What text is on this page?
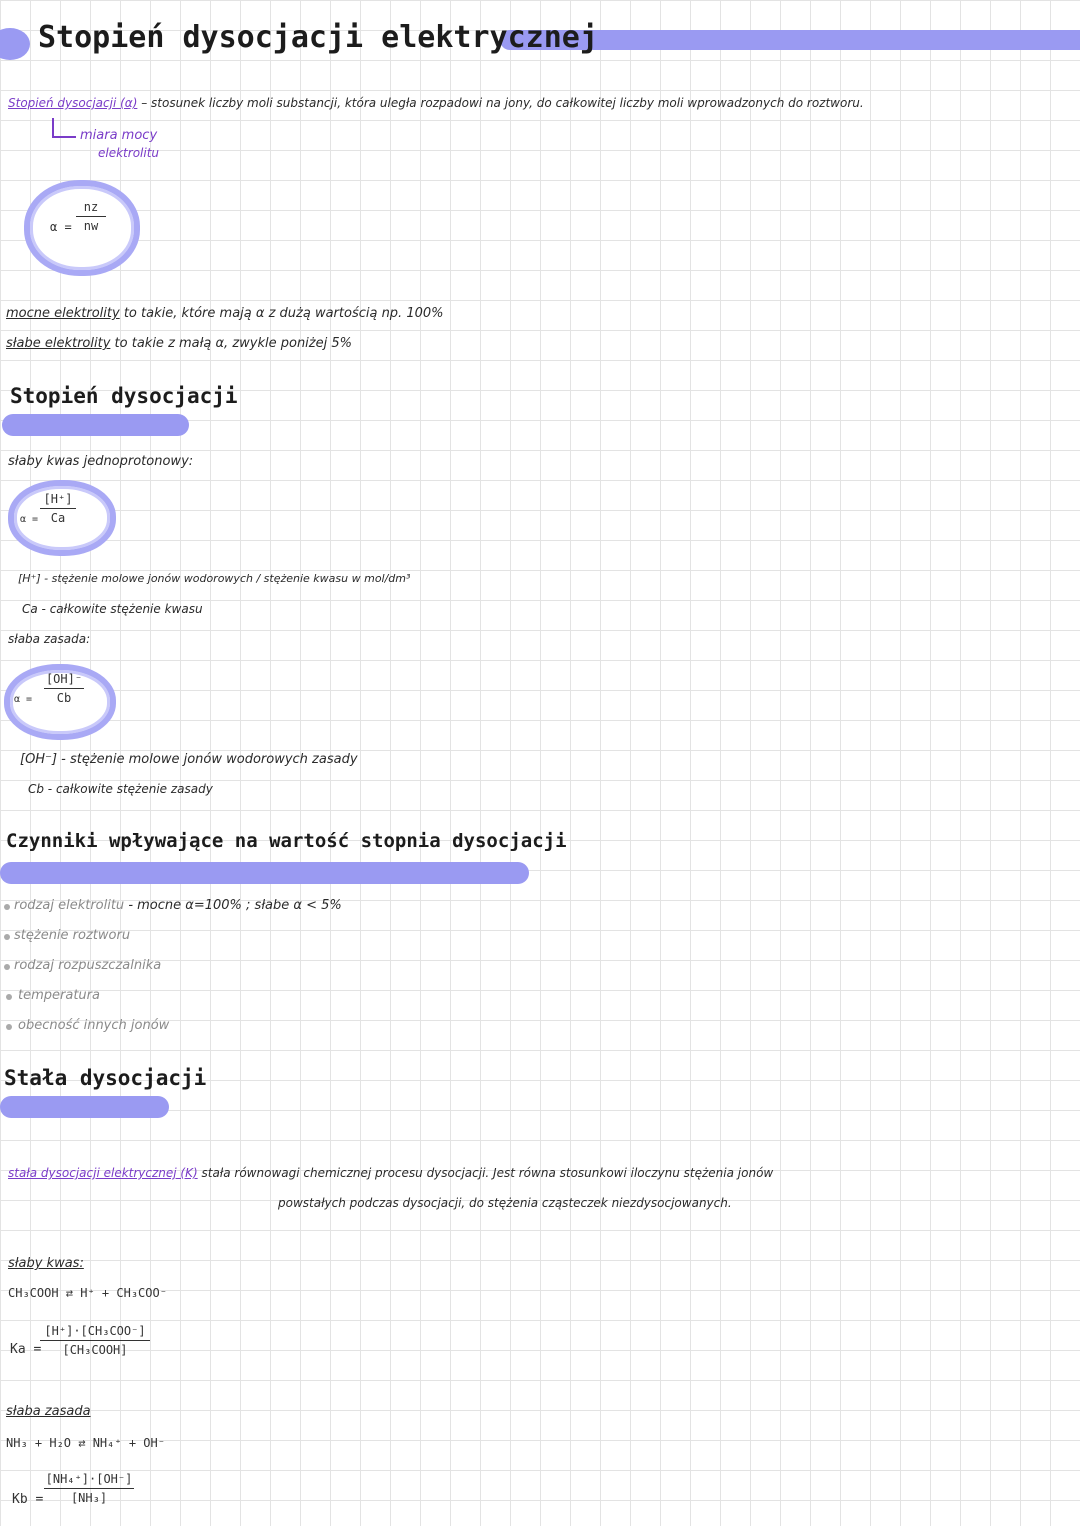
Stopień dysocjacji elektrycznej
Stopień dysocjacji (α) – stosunek liczby moli substancji, która uległa rozpadowi na jony, do całkowitej liczby moli wprowadzonych do roztworu.
miara mocy
elektrolitu
α =
nz
nw
mocne elektrolity to takie, które mają α z dużą wartością np. 100%
słabe elektrolity to takie z małą α, zwykle poniżej 5%
Stopień dysocjacji
słaby kwas jednoprotonowy:
α =
[H⁺]
Ca
[H⁺] - stężenie molowe jonów wodorowych / stężenie kwasu w mol/dm³
Ca - całkowite stężenie kwasu
słaba zasada:
α =
[OH]⁻
Cb
[OH⁻] - stężenie molowe jonów wodorowych zasady
Cb - całkowite stężenie zasady
Czynniki wpływające na wartość stopnia dysocjacji
rodzaj elektrolitu - mocne α=100% ; słabe α < 5%
stężenie roztworu
rodzaj rozpuszczalnika
temperatura
obecność innych jonów
Stała dysocjacji
stała dysocjacji elektrycznej (K) stała równowagi chemicznej procesu dysocjacji. Jest równa stosunkowi iloczynu stężenia jonów
powstałych podczas dysocjacji, do stężenia cząsteczek niezdysocjowanych.
słaby kwas:
CH₃COOH ⇄ H⁺ + CH₃COO⁻
Ka =
[H⁺]·[CH₃COO⁻]
[CH₃COOH]
słaba zasada
NH₃ + H₂O ⇄ NH₄⁺ + OH⁻
Kb =
[NH₄⁺]·[OH⁻]
[NH₃]
